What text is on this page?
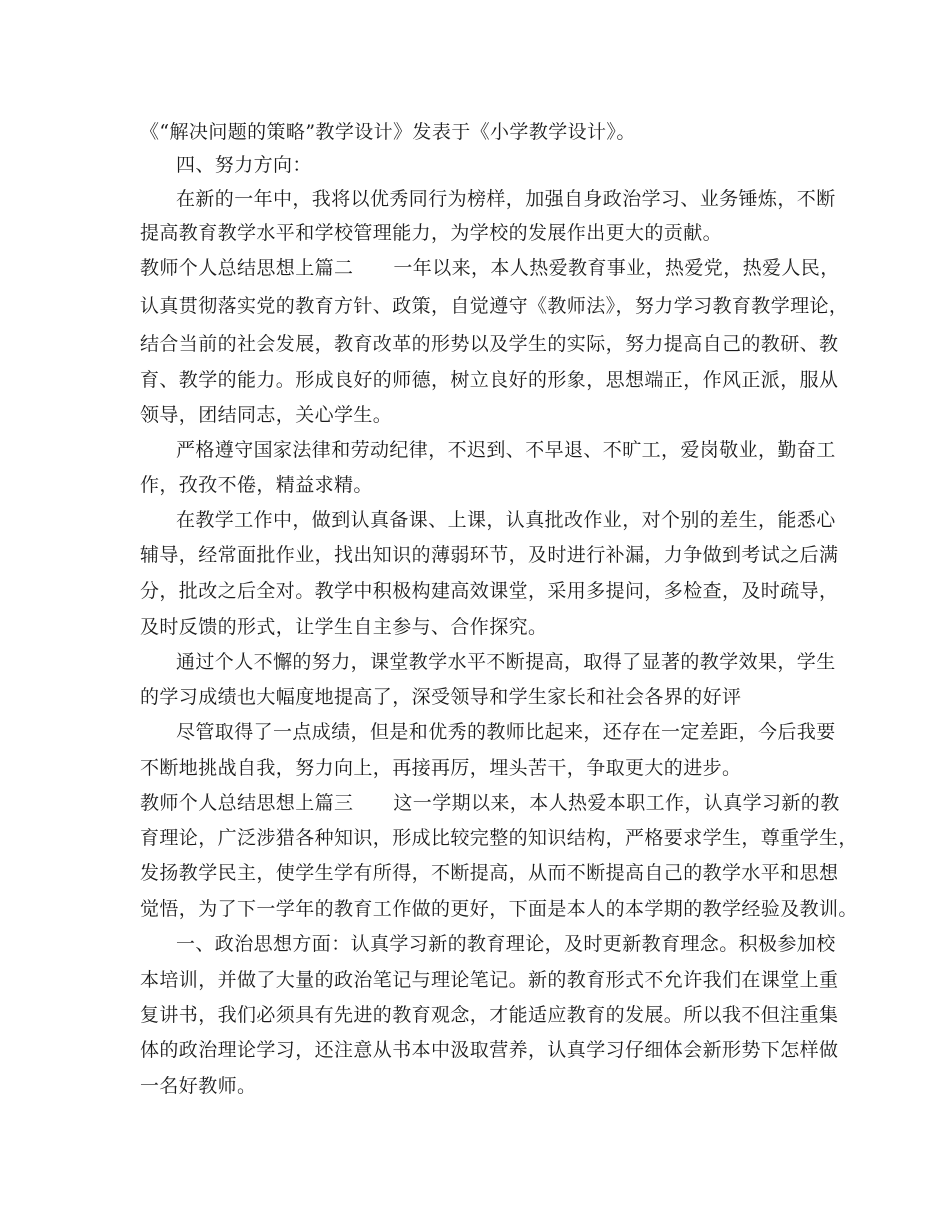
《“解决问题的策略”教学设计》发表于《小学教学设计》。
四、努力方向：
在新的一年中，我将以优秀同行为榜样，加强自身政治学习、业务锤炼，不断
提高教育教学水平和学校管理能力，为学校的发展作出更大的贡献。
教师个人总结思想上篇二 一年以来，本人热爱教育事业，热爱党，热爱人民，
认真贯彻落实党的教育方针、政策，自觉遵守《教师法》，努力学习教育教学理论，
结合当前的社会发展，教育改革的形势以及学生的实际，努力提高自己的教研、教
育、教学的能力。形成良好的师德，树立良好的形象，思想端正，作风正派，服从
领导，团结同志，关心学生。
严格遵守国家法律和劳动纪律，不迟到、不早退、不旷工，爱岗敬业，勤奋工
作，孜孜不倦，精益求精。
在教学工作中，做到认真备课、上课，认真批改作业，对个别的差生，能悉心
辅导，经常面批作业，找出知识的薄弱环节，及时进行补漏，力争做到考试之后满
分，批改之后全对。教学中积极构建高效课堂，采用多提问，多检查，及时疏导，
及时反馈的形式，让学生自主参与、合作探究。
通过个人不懈的努力，课堂教学水平不断提高，取得了显著的教学效果，学生
的学习成绩也大幅度地提高了，深受领导和学生家长和社会各界的好评
尽管取得了一点成绩，但是和优秀的教师比起来，还存在一定差距，今后我要
不断地挑战自我，努力向上，再接再厉，埋头苦干，争取更大的进步。
教师个人总结思想上篇三 这一学期以来，本人热爱本职工作，认真学习新的教
育理论，广泛涉猎各种知识，形成比较完整的知识结构，严格要求学生，尊重学生，
发扬教学民主，使学生学有所得，不断提高，从而不断提高自己的教学水平和思想
觉悟，为了下一学年的教育工作做的更好，下面是本人的本学期的教学经验及教训。
一、政治思想方面：认真学习新的教育理论，及时更新教育理念。积极参加校
本培训，并做了大量的政治笔记与理论笔记。新的教育形式不允许我们在课堂上重
复讲书，我们必须具有先进的教育观念，才能适应教育的发展。所以我不但注重集
体的政治理论学习，还注意从书本中汲取营养，认真学习仔细体会新形势下怎样做
一名好教师。
